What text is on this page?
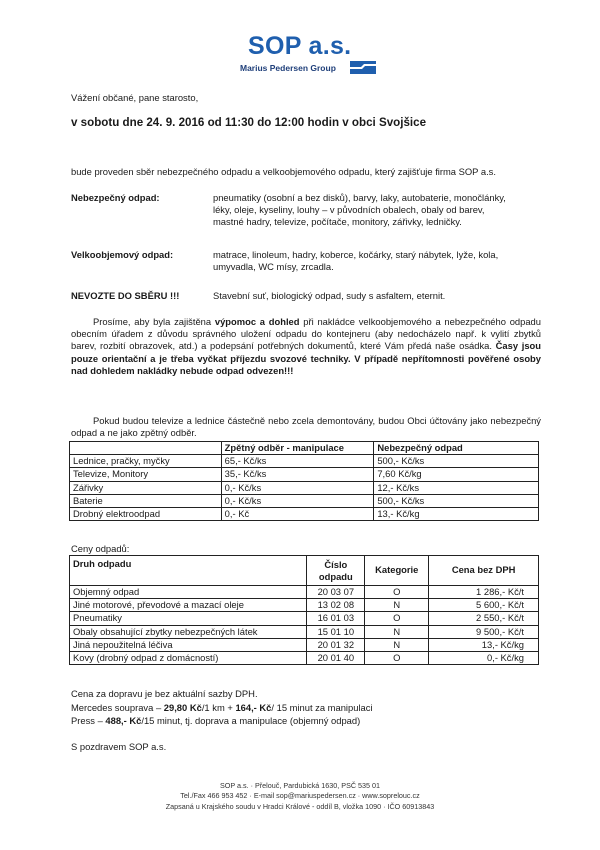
SOP a.s.
Marius Pedersen Group
Vážení občané, pane starosto,
v sobotu dne 24. 9. 2016 od 11:30 do 12:00 hodin v obci Svojšice
bude proveden sběr nebezpečného odpadu a velkoobjemového odpadu, který zajišťuje firma SOP a.s.
Nebezpečný odpad:	pneumatiky (osobní a bez disků), barvy, laky, autobaterie, monočlánky,
léky, oleje, kyseliny, louhy – v původních obalech, obaly od barev,
mastné hadry, televize, počítače, monitory, zářivky, ledničky.
Velkoobjemový odpad:	matrace, linoleum, hadry, koberce, kočárky, starý nábytek, lyže, kola,
umyvadla, WC mísy, zrcadla.
NEVOZTE DO SBĚRU !!!	Stavební suť, biologický odpad, sudy s asfaltem, eternit.
Prosíme, aby byla zajištěna výpomoc a dohled při nakládce velkoobjemového a nebezpečného odpadu obecním úřadem z důvodu správného uložení odpadu do kontejneru (aby nedocházelo např. k vylití zbytků barev, rozbití obrazovek, atd.) a podepsání potřebných dokumentů, které Vám předá naše osádka. Časy jsou pouze orientační a je třeba vyčkat příjezdu svozové techniky. V případě nepřítomnosti pověřené osoby nad dohledem nakládky nebude odpad odvezen!!!
Pokud budou televize a lednice částečně nebo zcela demontovány, budou Obci účtovány jako nebezpečný odpad a ne jako zpětný odběr.
	Zpětný odběr - manipulace	Nebezpečný odpad
Lednice, pračky, myčky	65,- Kč/ks	500,- Kč/ks
Televize, Monitory	35,- Kč/ks	7,60 Kč/kg
Zářivky	0,- Kč/ks	12,- Kč/ks
Baterie	0,- Kč/ks	500,- Kč/ks
Drobný elektroodpad	0,- Kč	13,- Kč/kg
Ceny odpadů:
Druh odpadu	Číslo odpadu	Kategorie	Cena bez DPH
Objemný odpad	20 03 07	O	1 286,- Kč/t
Jiné motorové, převodové a mazací oleje	13 02 08	N	5 600,- Kč/t
Pneumatiky	16 01 03	O	2 550,- Kč/t
Obaly obsahující zbytky nebezpečných látek	15 01 10	N	9 500,- Kč/t
Jiná nepoužitelná léčiva	20 01 32	N	13,- Kč/kg
Kovy (drobný odpad z domácností)	20 01 40	O	0,- Kč/kg
Cena za dopravu je bez aktuální sazby DPH.
Mercedes souprava – 29,80 Kč/1 km + 164,- Kč/ 15 minut za manipulaci
Press – 488,- Kč/15 minut, tj. doprava a manipulace (objemný odpad)
S pozdravem SOP a.s.
SOP a.s. · Přelouč, Pardubická 1630, PSČ 535 01
Tel./Fax 466 953 452 · E-mail sop@mariuspedersen.cz · www.soprelouc.cz
Zapsaná u Krajského soudu v Hradci Králové - oddíl B, vložka 1090 · IČO 60913843
